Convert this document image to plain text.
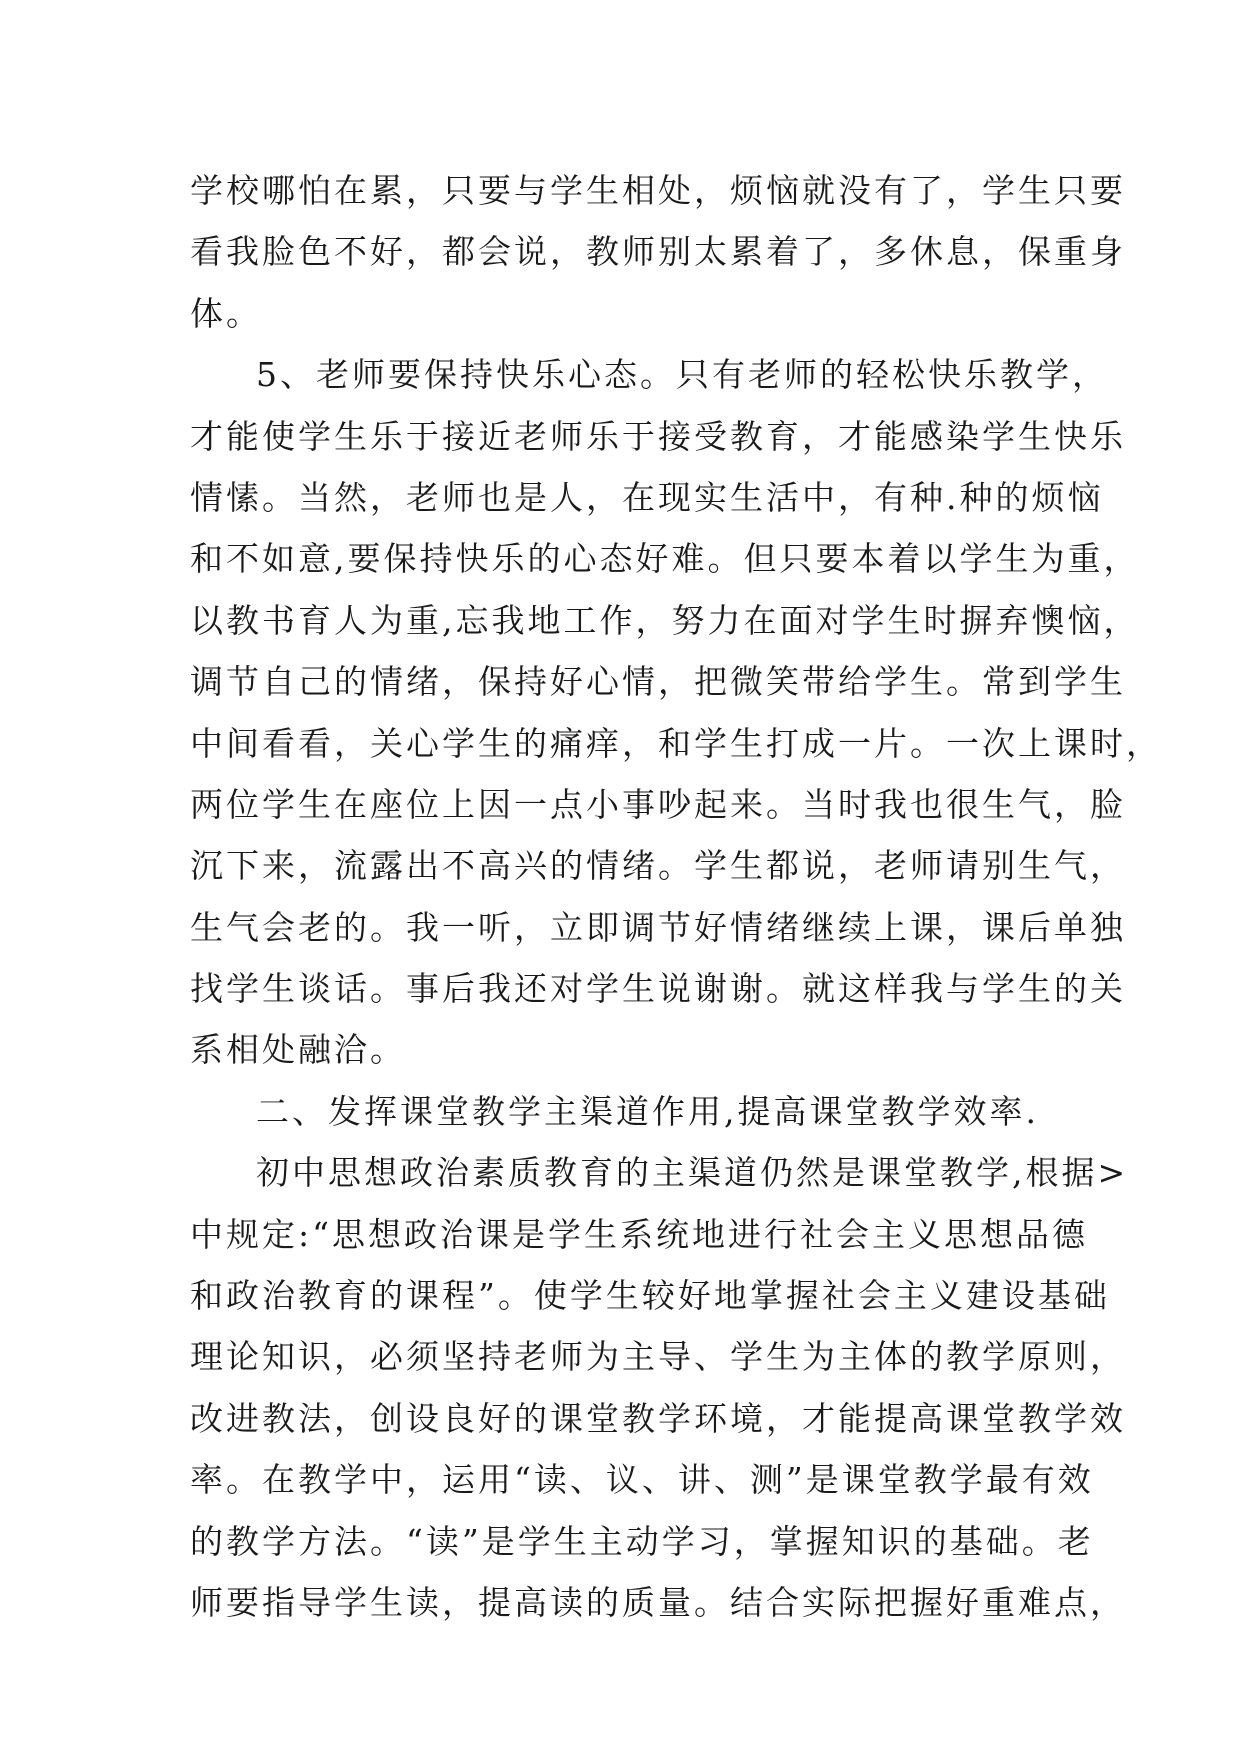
学校哪怕在累，只要与学生相处，烦恼就没有了，学生只要
看我脸色不好，都会说，教师别太累着了，多休息，保重身
体。
5、老师要保持快乐心态。只有老师的轻松快乐教学，
才能使学生乐于接近老师乐于接受教育，才能感染学生快乐
情愫。当然，老师也是人，在现实生活中，有种.种的烦恼
和不如意,要保持快乐的心态好难。但只要本着以学生为重，
以教书育人为重,忘我地工作，努力在面对学生时摒弃懊恼，
调节自己的情绪，保持好心情，把微笑带给学生。常到学生
中间看看，关心学生的痛痒，和学生打成一片。一次上课时，
两位学生在座位上因一点小事吵起来。当时我也很生气，脸
沉下来，流露出不高兴的情绪。学生都说，老师请别生气，
生气会老的。我一听，立即调节好情绪继续上课，课后单独
找学生谈话。事后我还对学生说谢谢。就这样我与学生的关
系相处融洽。
二、发挥课堂教学主渠道作用,提高课堂教学效率.
初中思想政治素质教育的主渠道仍然是课堂教学,根据>
中规定:“思想政治课是学生系统地进行社会主义思想品德
和政治教育的课程”。使学生较好地掌握社会主义建设基础
理论知识，必须坚持老师为主导、学生为主体的教学原则，
改进教法，创设良好的课堂教学环境，才能提高课堂教学效
率。在教学中，运用“读、议、讲、测”是课堂教学最有效
的教学方法。“读”是学生主动学习，掌握知识的基础。老
师要指导学生读，提高读的质量。结合实际把握好重难点，
